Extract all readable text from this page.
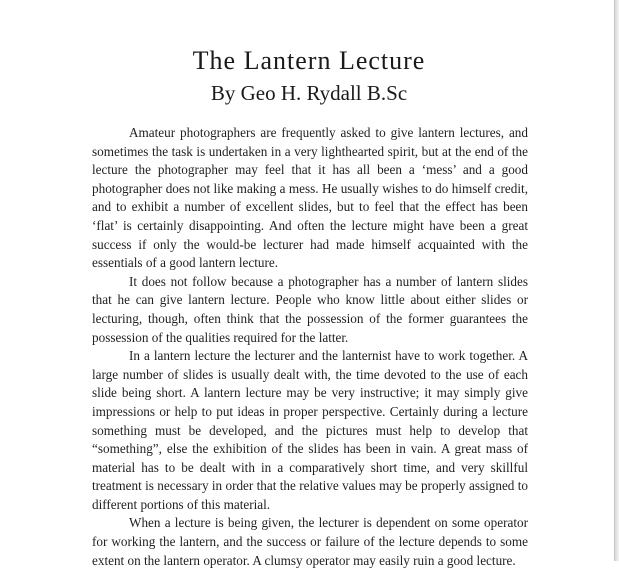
The Lantern Lecture
By Geo H. Rydall B.Sc

Amateur photographers are frequently asked to give lantern lectures, and sometimes the task is undertaken in a very lighthearted spirit, but at the end of the lecture the photographer may feel that it has all been a ‘mess’ and a good photographer does not like making a mess. He usually wishes to do himself credit, and to exhibit a number of excellent slides, but to feel that the effect has been ‘flat’ is certainly disappointing. And often the lecture might have been a great success if only the would-be lecturer had made himself acquainted with the essentials of a good lantern lecture.

It does not follow because a photographer has a number of lantern slides that he can give lantern lecture. People who know little about either slides or lecturing, though, often think that the possession of the former guarantees the possession of the qualities required for the latter.

In a lantern lecture the lecturer and the lanternist have to work together. A large number of slides is usually dealt with, the time devoted to the use of each slide being short. A lantern lecture may be very instructive; it may simply give impressions or help to put ideas in proper perspective. Certainly during a lecture something must be developed, and the pictures must help to develop that “something”, else the exhibition of the slides has been in vain. A great mass of material has to be dealt with in a comparatively short time, and very skillful treatment is necessary in order that the relative values may be properly assigned to different portions of this material.

When a lecture is being given, the lecturer is dependent on some operator for working the lantern, and the success or failure of the lecture depends to some extent on the lantern operator. A clumsy operator may easily ruin a good lecture.
